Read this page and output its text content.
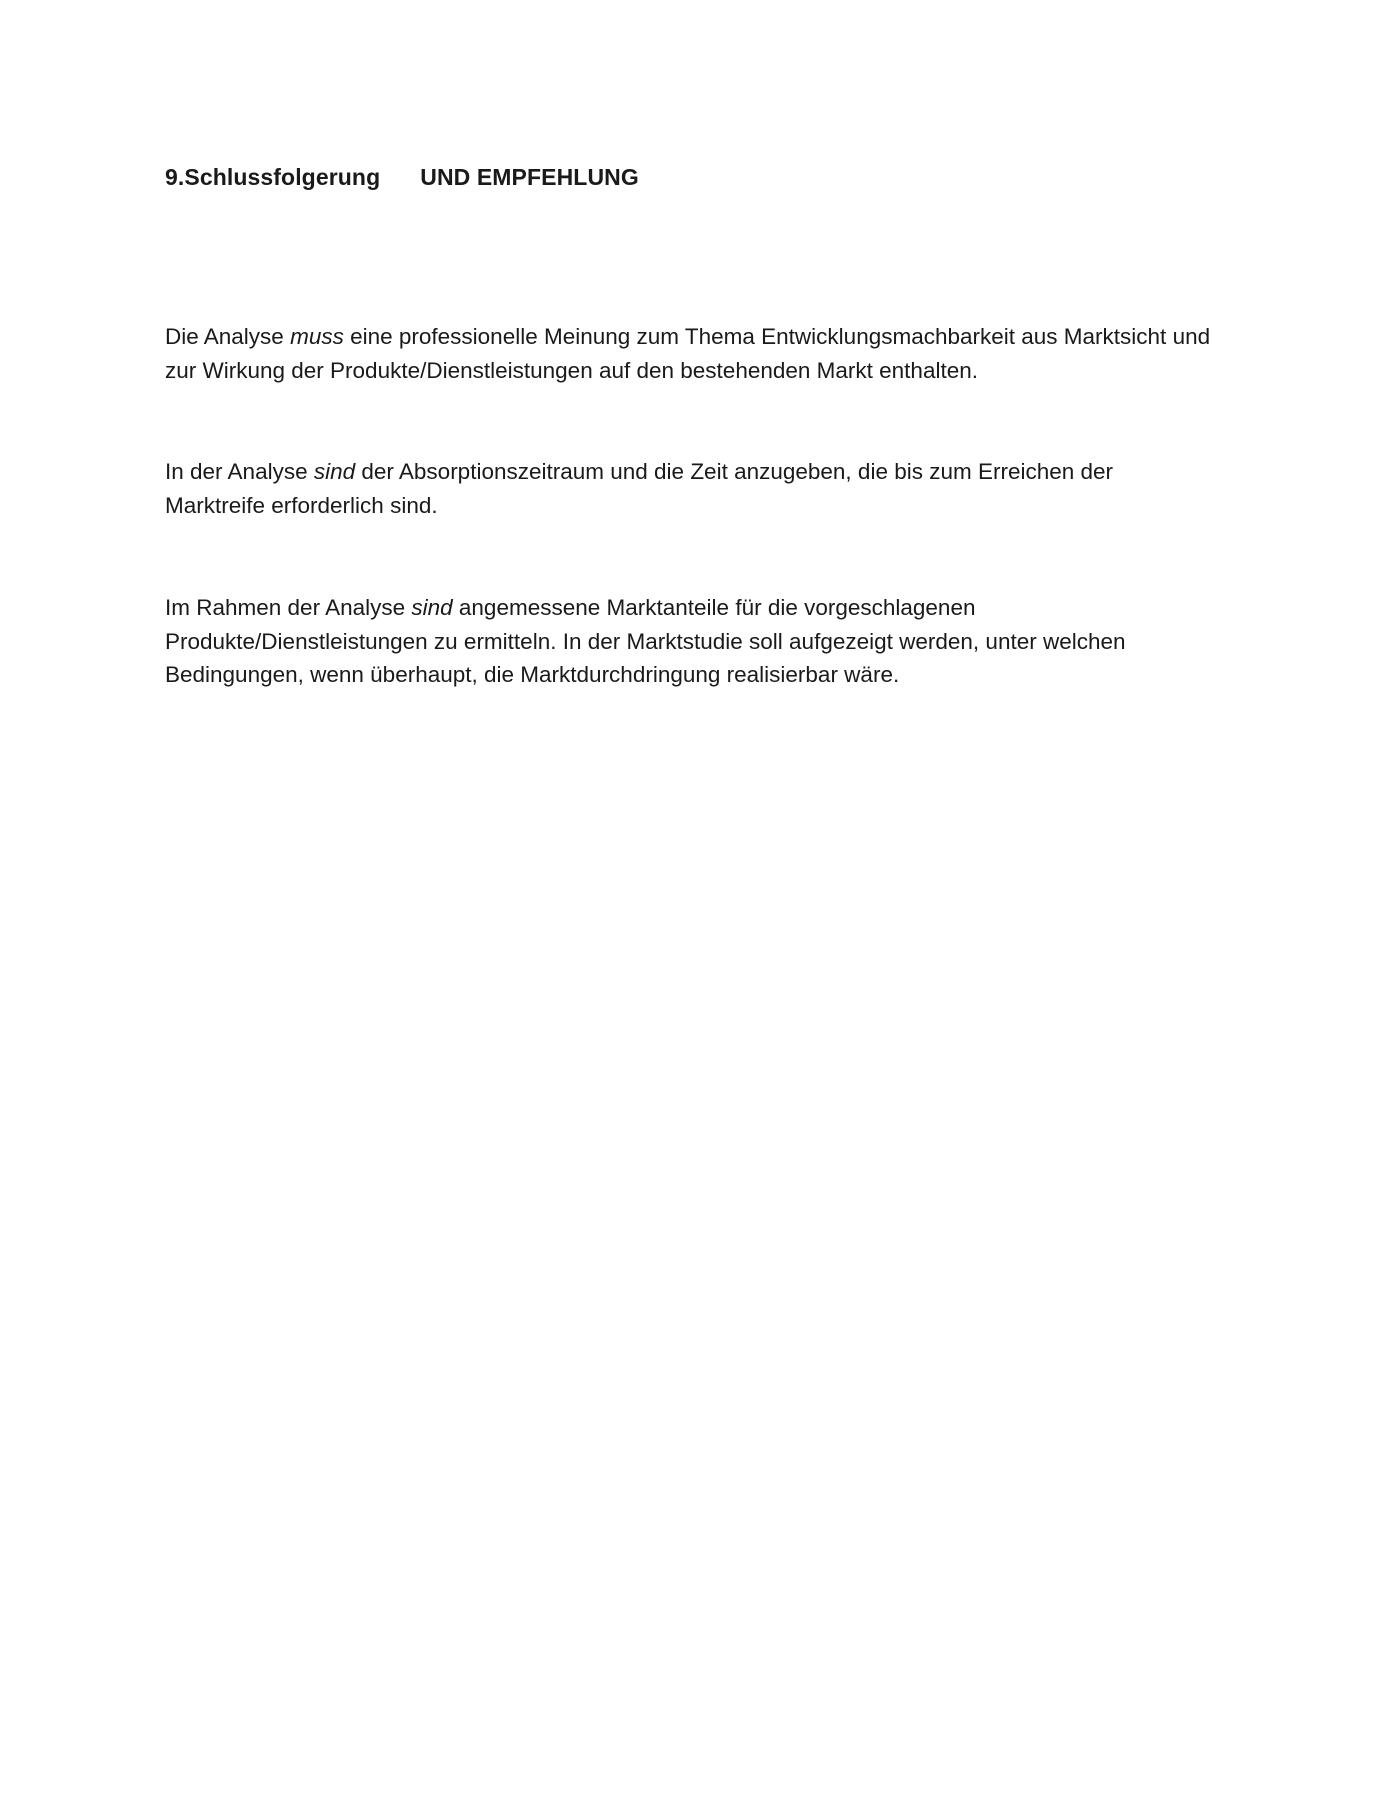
9.Schlussfolgerung UND EMPFEHLUNG

Die Analyse muss eine professionelle Meinung zum Thema Entwicklungsmachbarkeit aus Marktsicht und
zur Wirkung der Produkte/Dienstleistungen auf den bestehenden Markt enthalten.

In der Analyse sind der Absorptionszeitraum und die Zeit anzugeben, die bis zum Erreichen der
Marktreife erforderlich sind.

Im Rahmen der Analyse sind angemessene Marktanteile für die vorgeschlagenen
Produkte/Dienstleistungen zu ermitteln. In der Marktstudie soll aufgezeigt werden, unter welchen
Bedingungen, wenn überhaupt, die Marktdurchdringung realisierbar wäre.
